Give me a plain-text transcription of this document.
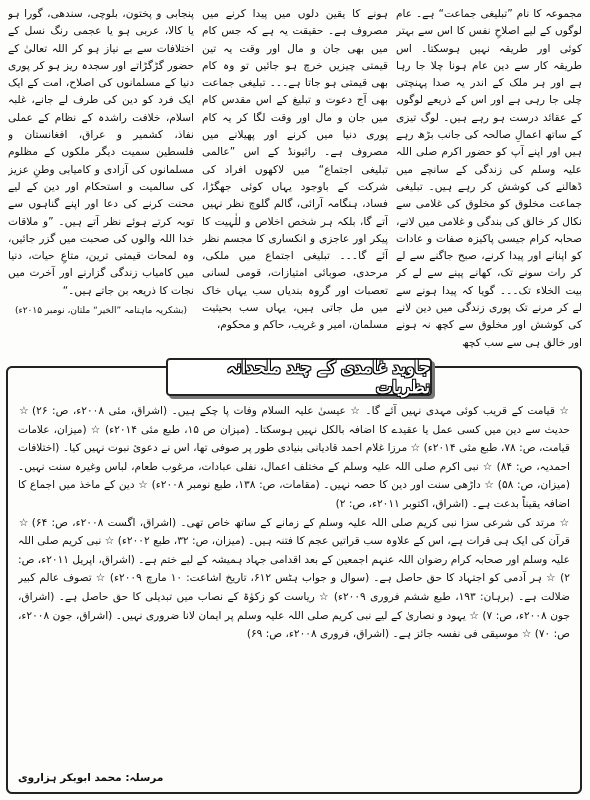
مجموعہ کا نام ”تبلیغی جماعت“ ہے۔ عام لوگوں کے لیے اصلاحِ نفس کا اس سے بہتر کوئی اور طریقہ نہیں ہوسکتا۔ اس طریقہ کار سے دین عام ہونا چلا جا رہا ہے اور ہر ملک کے اندر یہ صدا پہنچتی چلی جا رہی ہے اور اس کے ذریعے لوگوں کے عقائد درست ہو رہے ہیں۔ لوگ تیزی کے ساتھ اعمالِ صالحہ کی جانب بڑھ رہے ہیں اور اپنے آپ کو حضور اکرم صلی اللہ علیہ وسلم کی زندگی کے سانچے میں ڈھالنے کی کوشش کر رہے ہیں۔ تبلیغی جماعت مخلوق کو مخلوق کی غلامی سے نکال کر خالق کی بندگی و غلامی میں لانے، صحابہ کرام جیسی پاکیزہ صفات و عادات کو اپنانے اور پیدا کرنے، صبح جاگنے سے لے کر رات سونے تک، کھانے پینے سے لے کر بیت الخلاء تک۔۔۔ گویا کہ پیدا ہونے سے لے کر مرنے تک پوری زندگی میں دین لانے کی کوشش اور مخلوق سے کچھ نہ ہونے اور خالق ہی سے سب کچھ

ہونے کا یقین دلوں میں پیدا کرنے میں مصروف ہے۔ حقیقت یہ ہے کہ جس کام میں بھی جان و مال اور وقت یہ تین قیمتی چیزیں خرچ ہو جائیں تو وہ کام بھی قیمتی ہو جاتا ہے۔۔۔ تبلیغی جماعت بھی آج دعوت و تبلیغ کے اس مقدس کام میں جان و مال اور وقت لگا کر یہ کام پوری دنیا میں کرنے اور پھیلانے میں مصروف ہے۔ رائیونڈ کے اس ”عالمی تبلیغی اجتماع“ میں لاکھوں افراد کی شرکت کے باوجود یہاں کوئی جھگڑا، فساد، ہنگامہ آرائی، گالم گلوچ نظر نہیں آتے گا، بلکہ ہر شخص اخلاص و للٰہیت کا پیکر اور عاجزی و انکساری کا مجسم نظر آئے گا۔۔۔ تبلیغی اجتماع میں ملکی، مرحدی، صوبائی امتیازات، قومی لسانی تعصبات اور گروہ بندیاں سب یہاں خاک میں مل جاتی ہیں، یہاں سب بحیثیت مسلمان، امیر و غریب، حاکم و محکوم،

پنجابی و پختون، بلوچی، سندھی، گورا ہو یا کالا، عربی ہو یا عجمی رنگ نسل کے اختلافات سے بے نیاز ہو کر اللہ تعالیٰ کے حضور گڑگڑاتے اور سجدہ ریز ہو کر پوری دنیا کے مسلمانوں کی اصلاح، امت کے ایک ایک فرد کو دین کی طرف لے جانے، غلبہ اسلام، خلافت راشدہ کے نظام کے عملی نفاذ، کشمیر و عراق، افغانستان و فلسطین سمیت دیگر ملکوں کے مظلوم مسلمانوں کی آزادی و کامیابی وطنِ عزیز کی سالمیت و استحکام اور دین کے لیے محنت کرنے کی دعا اور اپنے گناہوں سے توبہ کرتے ہوئے نظر آتے ہیں۔ ”و ملاقات خدا اللہ والوں کی صحبت میں گزر جائیں، وہ لمحات قیمتی ترین، متاعِ حیات، دنیا میں کامیاب زندگی گزارنے اور آخرت میں نجات کا ذریعہ بن جاتے ہیں۔“

(بشکریہ ماہنامہ ”الخیر“ ملتان، نومبر ۲۰۱۵ء)

جاوید غامدی کے چند ملحدانہ نظریات

☆ قیامت کے قریب کوئی مہدی نہیں آئے گا۔ ☆ عیسیٰ علیہ السلام وفات پا چکے ہیں۔ (اشراق، مئی ۲۰۰۸ء، ص: ۲۶) ☆ حدیث سے دین میں کسی عمل یا عقیدے کا اضافہ بالکل نہیں ہوسکتا۔ (میزان ص ۱۵، طبع مئی ۲۰۱۴ء) ☆ (میزان، علامات قیامت، ص: ۷۸، طبع مئی ۲۰۱۴ء) ☆ مرزا غلام احمد قادیانی بنیادی طور پر صوفی تھا، اس نے دعوئ نبوت نہیں کیا۔ (اختلافات احمدیہ، ص: ۸۴) ☆ نبی اکرم صلی اللہ علیہ وسلم کے مختلف اعمال، نفلی عبادات، مرغوب طعام، لباس وغیرہ سنت نہیں۔ (میزان، ص: ۵۸) ☆ داڑھی سنت اور دین کا حصہ نہیں۔ (مقامات، ص: ۱۳۸، طبع نومبر ۲۰۰۸ء) ☆ دین کے ماخذ میں اجماع کا اضافہ یقیناً بدعت ہے۔ (اشراق، اکتوبر ۲۰۱۱ء، ص: ۲)

☆ مرتد کی شرعی سزا نبی کریم صلی اللہ علیہ وسلم کے زمانے کے ساتھ خاص تھی۔ (اشراق، اگست ۲۰۰۸ء، ص: ۶۴) ☆ قرآن کی ایک ہی قرات ہے، اس کے علاوہ سب قراتیں عجم کا فتنہ ہیں۔ (میزان، ص: ۳۲، طبع ۲۰۰۲ء) ☆ نبی کریم صلی اللہ علیہ وسلم اور صحابہ کرام رضوان اللہ عنہم اجمعین کے بعد اقدامی جہاد ہمیشہ کے لیے ختم ہے۔ (اشراق، اپریل ۲۰۱۱ء، ص: ۲) ☆ ہر آدمی کو اجتہاد کا حق حاصل ہے۔ (سوال و جواب ہٹس ۶۱۲، تاریخ اشاعت: ۱۰ مارچ ۲۰۰۹ء) ☆ تصوف عالم کبیر ضلالت ہے۔ (برہان: ۱۹۳، طبع ششم فروری ۲۰۰۹ء) ☆ ریاست کو زکوٰۃ کے نصاب میں تبدیلی کا حق حاصل ہے۔ (اشراق، جون ۲۰۰۸ء، ص: ۷) ☆ یہود و نصاریٰ کے لیے نبی کریم صلی اللہ علیہ وسلم پر ایمان لانا ضروری نہیں۔ (اشراق، جون ۲۰۰۸ء، ص: ۷۰) ☆ موسیقی فی نفسہ جائز ہے۔ (اشراق، فروری ۲۰۰۸ء، ص: ۶۹)

مرسلہ: محمد ابوبکر ہزاروی
